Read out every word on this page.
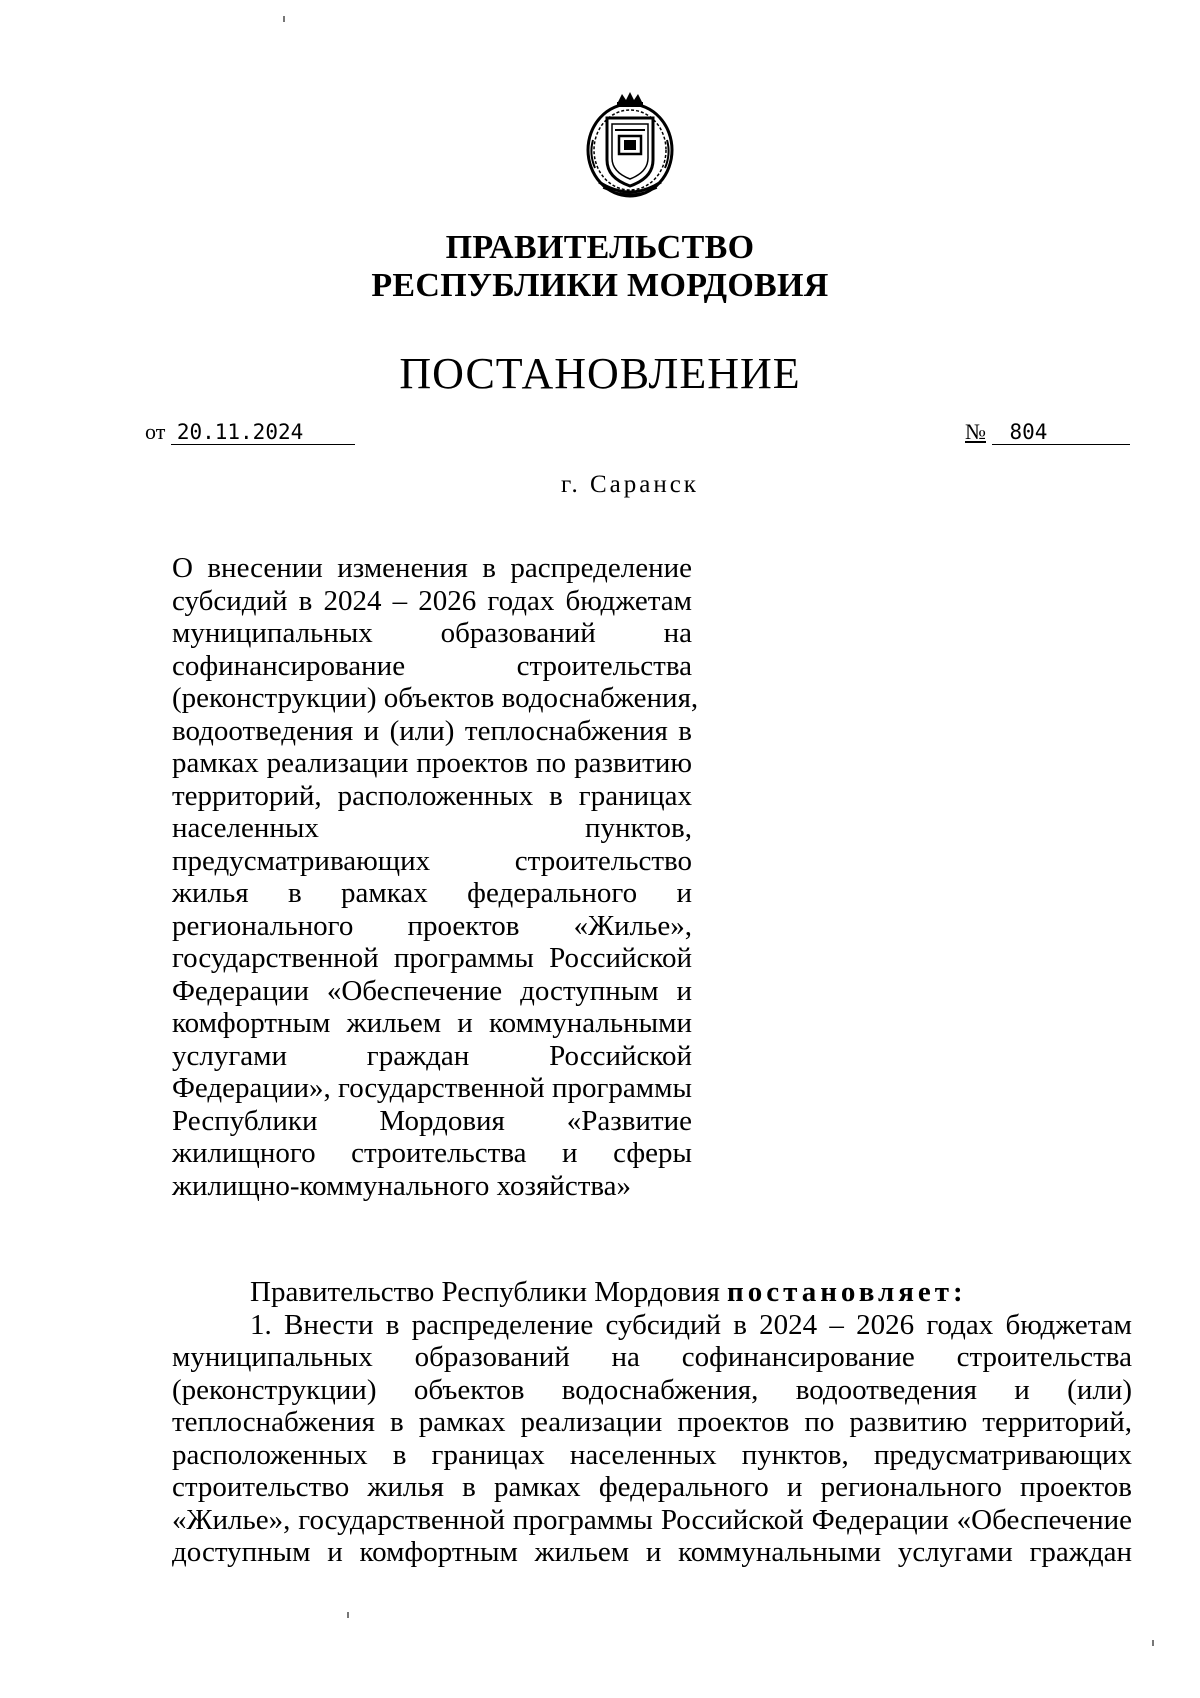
ПРАВИТЕЛЬСТВО
РЕСПУБЛИКИ МОРДОВИЯ
ПОСТАНОВЛЕНИЕ
от 20.11.2024	№ 804
г. Саранск
О внесении изменения в распределение
субсидий в 2024 – 2026 годах бюджетам
муниципальных образований на
софинансирование строительства
(реконструкции) объектов водоснабжения,
водоотведения и (или) теплоснабжения в
рамках реализации проектов по развитию
территорий, расположенных в границах
населенных пунктов,
предусматривающих строительство
жилья в рамках федерального и
регионального проектов «Жилье»,
государственной программы Российской
Федерации «Обеспечение доступным и
комфортным жильем и коммунальными
услугами граждан Российской
Федерации», государственной программы
Республики Мордовия «Развитие
жилищного строительства и сферы
жилищно-коммунального хозяйства»
Правительство Республики Мордовия постановляет:
1. Внести в распределение субсидий в 2024 – 2026 годах бюджетам
муниципальных образований на софинансирование строительства
(реконструкции) объектов водоснабжения, водоотведения и (или)
теплоснабжения в рамках реализации проектов по развитию территорий,
расположенных в границах населенных пунктов, предусматривающих
строительство жилья в рамках федерального и регионального проектов
«Жилье», государственной программы Российской Федерации «Обеспечение
доступным и комфортным жильем и коммунальными услугами граждан
